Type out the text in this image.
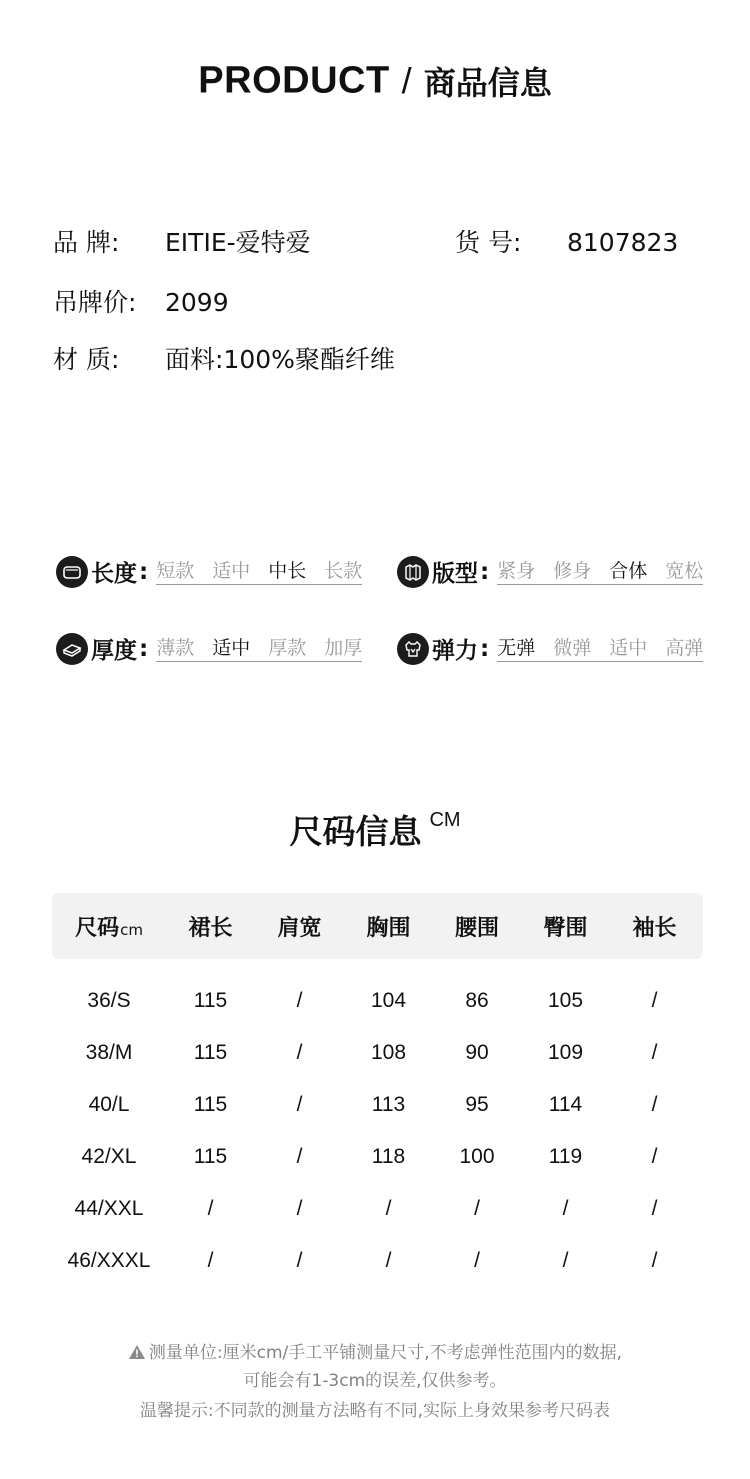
PRODUCT / 商品信息
品 牌: EITIE-爱特爱	货 号: 8107823
吊牌价: 2099
材 质: 面料:100%聚酯纤维
长度 : 短款 适中 中长 长款	版型 : 紧身 修身 合体 宽松
厚度 : 薄款 适中 厚款 加厚	弹力 : 无弹 微弹 适中 高弹
尺码信息 CM
尺码cm	裙长	肩宽	胸围	腰围	臀围	袖长
36/S	115	/	104	86	105	/
38/M	115	/	108	90	109	/
40/L	115	/	113	95	114	/
42/XL	115	/	118	100	119	/
44/XXL	/	/	/	/	/	/
46/XXXL	/	/	/	/	/	/
测量单位:厘米cm/手工平铺测量尺寸,不考虑弹性范围内的数据,
可能会有1-3cm的误差,仅供参考。
温馨提示:不同款的测量方法略有不同,实际上身效果参考尺码表
